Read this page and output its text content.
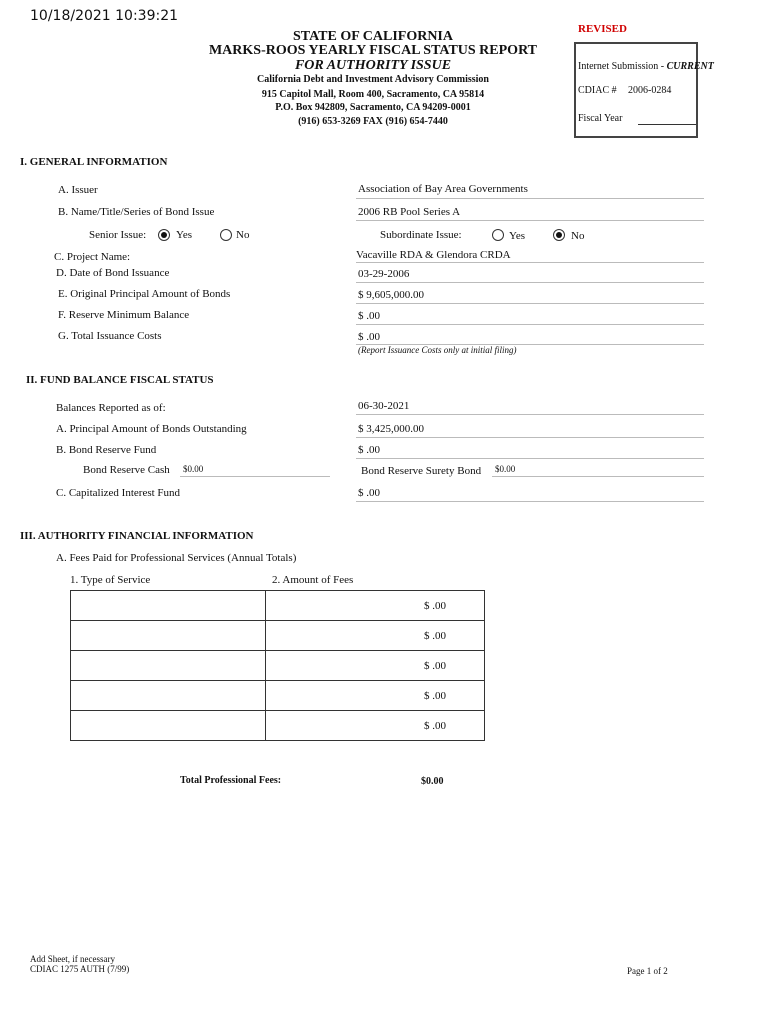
10/18/2021 10:39:21
STATE OF CALIFORNIA
MARKS-ROOS YEARLY FISCAL STATUS REPORT
FOR AUTHORITY ISSUE
California Debt and Investment Advisory Commission
915 Capitol Mall, Room 400, Sacramento, CA 95814
P.O. Box 942809, Sacramento, CA 94209-0001
(916) 653-3269 FAX (916) 654-7440
REVISED
Internet Submission - CURRENT
CDIAC # 2006-0284
Fiscal Year
I. GENERAL INFORMATION
A. Issuer	Association of Bay Area Governments
B. Name/Title/Series of Bond Issue	2006 RB Pool Series A
Senior Issue:	Yes	No	Subordinate Issue:	Yes	No
C. Project Name:	Vacaville RDA & Glendora CRDA
D. Date of Bond Issuance	03-29-2006
E. Original Principal Amount of Bonds	$ 9,605,000.00
F. Reserve Minimum Balance	$ .00
G. Total Issuance Costs	$ .00
(Report Issuance Costs only at initial filing)
II. FUND BALANCE FISCAL STATUS
Balances Reported as of:	06-30-2021
A. Principal Amount of Bonds Outstanding	$ 3,425,000.00
B. Bond Reserve Fund	$ .00
Bond Reserve Cash $0.00	Bond Reserve Surety Bond $0.00
C. Capitalized Interest Fund	$ .00
III. AUTHORITY FINANCIAL INFORMATION
A. Fees Paid for Professional Services (Annual Totals)
1. Type of Service	2. Amount of Fees
	$ .00
	$ .00
	$ .00
	$ .00
	$ .00
Total Professional Fees:	$0.00
Add Sheet, if necessary
CDIAC 1275 AUTH (7/99)	Page 1 of 2
